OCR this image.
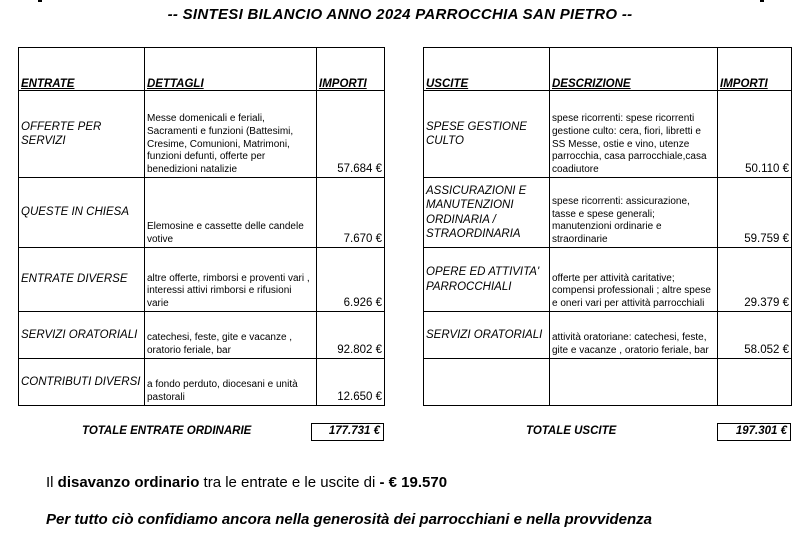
-- SINTESI BILANCIO ANNO 2024 PARROCCHIA SAN PIETRO --
ENTRATE	DETTAGLI	IMPORTI
OFFERTE PER SERVIZI	Messe domenicali e feriali, Sacramenti e funzioni (Battesimi, Cresime, Comunioni, Matrimoni, funzioni defunti, offerte per benedizioni natalizie	57.684 €
QUESTE IN CHIESA	Elemosine e cassette delle candele votive	7.670 €
ENTRATE DIVERSE	altre offerte, rimborsi e proventi vari , interessi attivi rimborsi e rifusioni varie	6.926 €
SERVIZI ORATORIALI	catechesi, feste, gite e vacanze , oratorio feriale, bar	92.802 €
CONTRIBUTI DIVERSI	a fondo perduto, diocesani e unità pastorali	12.650 €
USCITE	DESCRIZIONE	IMPORTI
SPESE GESTIONE CULTO	spese ricorrenti: spese ricorrenti gestione culto: cera, fiori, libretti e SS Messe, ostie e vino, utenze parrocchia, casa parrocchiale,casa coadiutore	50.110 €
ASSICURAZIONI E MANUTENZIONI ORDINARIA / STRAORDINARIA	spese ricorrenti: assicurazione, tasse e spese generali; manutenzioni ordinarie e straordinarie	59.759 €
OPERE ED ATTIVITA' PARROCCHIALI	offerte per attività caritative; compensi professionali ; altre spese e oneri vari per attività parrocchiali	29.379 €
SERVIZI ORATORIALI	attività oratoriane: catechesi, feste, gite e vacanze , oratorio feriale, bar	58.052 €

TOTALE ENTRATE ORDINARIE	177.731 €	TOTALE USCITE	197.301 €
Il disavanzo ordinario tra le entrate e le uscite di - € 19.570
Per tutto ciò confidiamo ancora nella generosità dei parrocchiani e nella provvidenza
